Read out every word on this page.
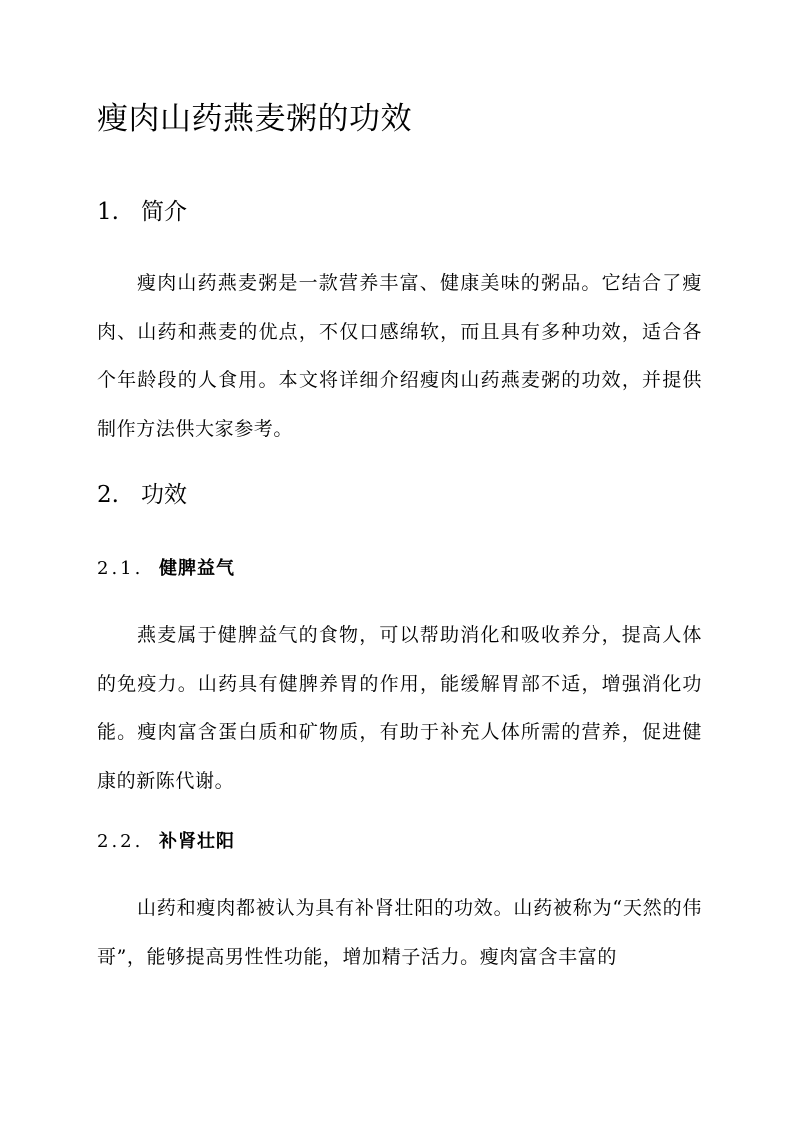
瘦肉山药燕麦粥的功效
1. 简介

瘦肉山药燕麦粥是一款营养丰富、健康美味的粥品。它结合了瘦肉、山药和燕麦的优点，不仅口感绵软，而且具有多种功效，适合各个年龄段的人食用。本文将详细介绍瘦肉山药燕麦粥的功效，并提供制作方法供大家参考。

2. 功效
2.1. 健脾益气

燕麦属于健脾益气的食物，可以帮助消化和吸收养分，提高人体的免疫力。山药具有健脾养胃的作用，能缓解胃部不适，增强消化功能。瘦肉富含蛋白质和矿物质，有助于补充人体所需的营养，促进健康的新陈代谢。

2.2. 补肾壮阳

山药和瘦肉都被认为具有补肾壮阳的功效。山药被称为“天然的伟哥”，能够提高男性性功能，增加精子活力。瘦肉富含丰富的
